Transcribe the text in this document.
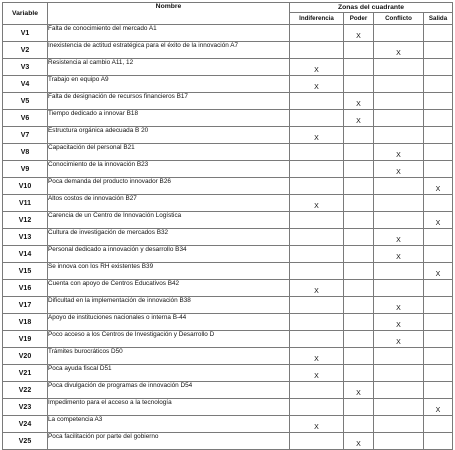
Variable	Nombre	Zonas del cuadrante			
		Indiferencia	Poder	Conflicto	Salida
V1	Falta de conocimiento del mercado A1		X		

V2	Inexistencia de actitud estratégica para el éxito de la innovación A7			X	

V3	Resistencia al cambio A11, 12	X			

V4	Trabajo en equipo A9	X			

V5	Falta de designación de recursos financieros B17		X		

V6	Tiempo dedicado a innovar B18		X		

V7	Estructura orgánica adecuada B 20	X			

V8	Capacitación del personal B21			X	

V9	Conocimiento de la innovación B23			X	

V10	Poca demanda del producto innovador B26				X

V11	Altos costos de innovación B27	X			

V12	Carencia de un Centro de Innovación Logística				X

V13	Cultura de investigación de mercados B32			X	

V14	Personal dedicado a innovación y desarrollo B34			X	

V15	Se innova con los RH existentes B39				X

V16	Cuenta con apoyo de Centros Educativos B42	X			

V17	Dificultad en la implementación de innovación B38			X	

V18	Apoyo de instituciones nacionales o interna B-44			X	

V19	Poco acceso a los Centros de Investigación y Desarrollo D			X	

V20	Trámites burocráticos D50	X			

V21	Poca ayuda fiscal D51	X			

V22	Poca divulgación de programas de innovación D54		X		

V23	Impedimento para el acceso a la tecnología				X

V24	La competencia A3	X			

V25	Poca facilitación por parte del gobierno		X		
